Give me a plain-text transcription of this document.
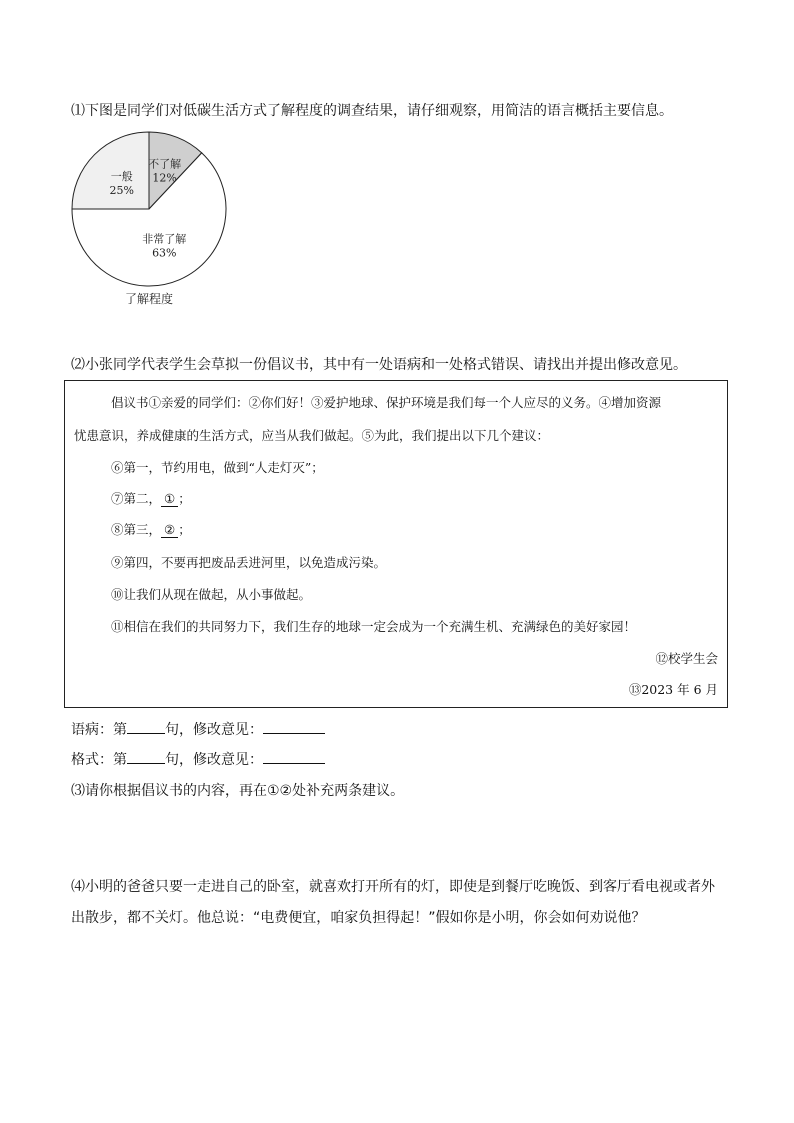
⑴下图是同学们对低碳生活方式了解程度的调查结果，请仔细观察，用简洁的语言概括主要信息。
不了解
12%
非常了解
63%
一般
25%
了解程度
⑵小张同学代表学生会草拟一份倡议书，其中有一处语病和一处格式错误、请找出并提出修改意见。
倡议书①亲爱的同学们：②你们好！③爱护地球、保护环境是我们每一个人应尽的义务。④增加资源
忧患意识，养成健康的生活方式，应当从我们做起。⑤为此，我们提出以下几个建议：
⑥第一，节约用电，做到“人走灯灭”；
⑦第二， ① ；
⑧第三， ② ；
⑨第四，不要再把废品丢进河里，以免造成污染。
⑩让我们从现在做起，从小事做起。
⑪相信在我们的共同努力下，我们生存的地球一定会成为一个充满生机、充满绿色的美好家园！
⑫校学生会
⑬2023 年 6 月
语病：第	句，修改意见：
格式：第	句，修改意见：
⑶请你根据倡议书的内容，再在①②处补充两条建议。
⑷小明的爸爸只要一走进自己的卧室，就喜欢打开所有的灯，即使是到餐厅吃晚饭、到客厅看电视或者外
出散步，都不关灯。他总说：“电费便宜，咱家负担得起！”假如你是小明，你会如何劝说他？
